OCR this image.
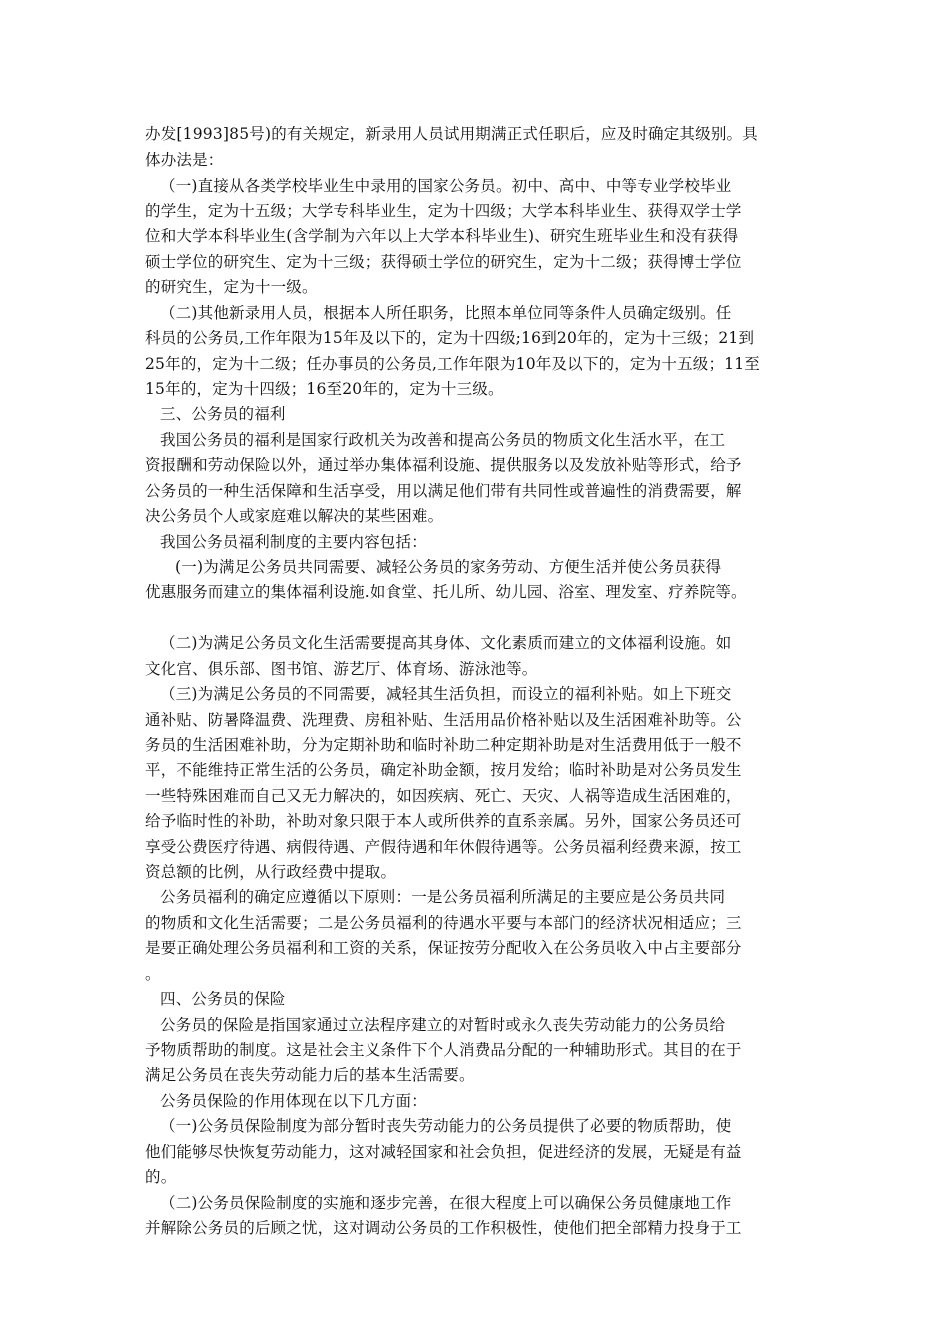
办发[1993]85号)的有关规定，新录用人员试用期满正式任职后，应及时确定其级别。具
体办法是：
（一)直接从各类学校毕业生中录用的国家公务员。初中、高中、中等专业学校毕业
的学生，定为十五级；大学专科毕业生，定为十四级；大学本科毕业生、获得双学士学
位和大学本科毕业生(含学制为六年以上大学本科毕业生)、研究生班毕业生和没有获得
硕士学位的研究生、定为十三级；获得硕士学位的研究生，定为十二级；获得博士学位
的研究生，定为十一级。
（二)其他新录用人员，根据本人所任职务，比照本单位同等条件人员确定级别。任
科员的公务员,工作年限为15年及以下的，定为十四级;16到20年的，定为十三级；21到
25年的，定为十二级；任办事员的公务员,工作年限为10年及以下的，定为十五级；11至
15年的，定为十四级；16至20年的，定为十三级。
三、公务员的福利
我国公务员的福利是国家行政机关为改善和提高公务员的物质文化生活水平，在工
资报酬和劳动保险以外，通过举办集体福利设施、提供服务以及发放补贴等形式，给予
公务员的一种生活保障和生活享受，用以满足他们带有共同性或普遍性的消费需要，解
决公务员个人或家庭难以解决的某些困难。
我国公务员福利制度的主要内容包括：
(一)为满足公务员共同需要、减轻公务员的家务劳动、方便生活并使公务员获得
优惠服务而建立的集体福利设施.如食堂、托儿所、幼儿园、浴室、理发室、疗养院等。
（二)为满足公务员文化生活需要提高其身体、文化素质而建立的文体福利设施。如
文化宫、俱乐部、图书馆、游艺厅、体育场、游泳池等。
（三)为满足公务员的不同需要，减轻其生活负担，而设立的福利补贴。如上下班交
通补贴、防暑降温费、洗理费、房租补贴、生活用品价格补贴以及生活困难补助等。公
务员的生活困难补助，分为定期补助和临时补助二种定期补助是对生活费用低于一般不
平，不能维持正常生活的公务员，确定补助金额，按月发给；临时补助是对公务员发生
一些特殊困难而自己又无力解决的，如因疾病、死亡、天灾、人祸等造成生活困难的，
给予临时性的补助，补助对象只限于本人或所供养的直系亲属。另外，国家公务员还可
享受公费医疗待遇、病假待遇、产假待遇和年休假待遇等。公务员福利经费来源，按工
资总额的比例，从行政经费中提取。
公务员福利的确定应遵循以下原则：一是公务员福利所满足的主要应是公务员共同
的物质和文化生活需要；二是公务员福利的待遇水平要与本部门的经济状况相适应；三
是要正确处理公务员福利和工资的关系，保证按劳分配收入在公务员收入中占主要部分
。
四、公务员的保险
公务员的保险是指国家通过立法程序建立的对暂时或永久丧失劳动能力的公务员给
予物质帮助的制度。这是社会主义条件下个人消费品分配的一种辅助形式。其目的在于
满足公务员在丧失劳动能力后的基本生活需要。
公务员保险的作用体现在以下几方面：
（一)公务员保险制度为部分暂时丧失劳动能力的公务员提供了必要的物质帮助，使
他们能够尽快恢复劳动能力，这对减轻国家和社会负担，促进经济的发展，无疑是有益
的。
（二)公务员保险制度的实施和逐步完善，在很大程度上可以确保公务员健康地工作
并解除公务员的后顾之忧，这对调动公务员的工作积极性，使他们把全部精力投身于工
